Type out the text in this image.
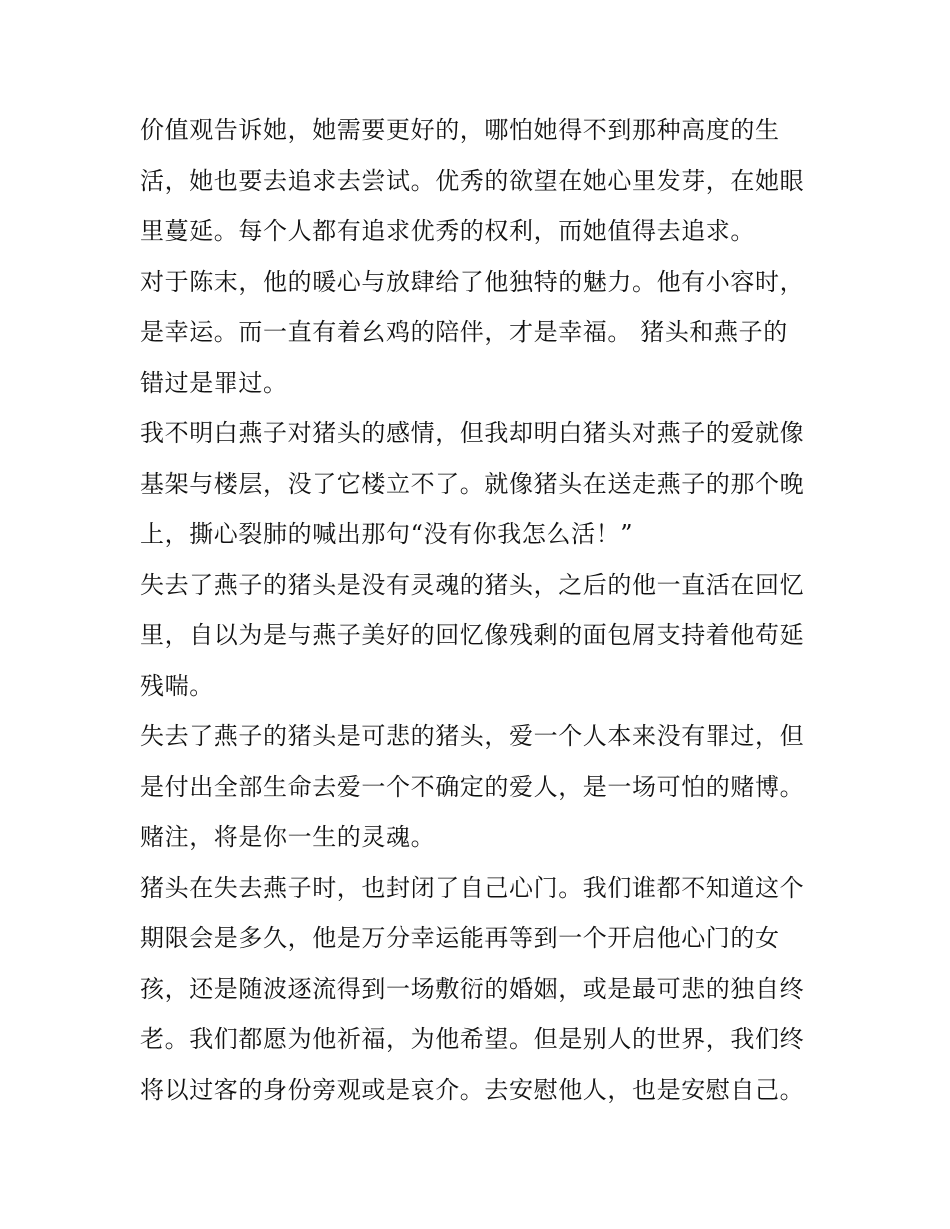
价值观告诉她，她需要更好的，哪怕她得不到那种高度的生
活，她也要去追求去尝试。优秀的欲望在她心里发芽，在她眼
里蔓延。每个人都有追求优秀的权利，而她值得去追求。
对于陈末，他的暖心与放肆给了他独特的魅力。他有小容时，
是幸运。而一直有着幺鸡的陪伴，才是幸福。 猪头和燕子的
错过是罪过。
我不明白燕子对猪头的感情，但我却明白猪头对燕子的爱就像
基架与楼层，没了它楼立不了。就像猪头在送走燕子的那个晚
上，撕心裂肺的喊出那句“没有你我怎么活！”
失去了燕子的猪头是没有灵魂的猪头，之后的他一直活在回忆
里，自以为是与燕子美好的回忆像残剩的面包屑支持着他苟延
残喘。
失去了燕子的猪头是可悲的猪头，爱一个人本来没有罪过，但
是付出全部生命去爱一个不确定的爱人，是一场可怕的赌博。
赌注，将是你一生的灵魂。
猪头在失去燕子时，也封闭了自己心门。我们谁都不知道这个
期限会是多久，他是万分幸运能再等到一个开启他心门的女
孩，还是随波逐流得到一场敷衍的婚姻，或是最可悲的独自终
老。我们都愿为他祈福，为他希望。但是别人的世界，我们终
将以过客的身份旁观或是哀介。去安慰他人，也是安慰自己。
